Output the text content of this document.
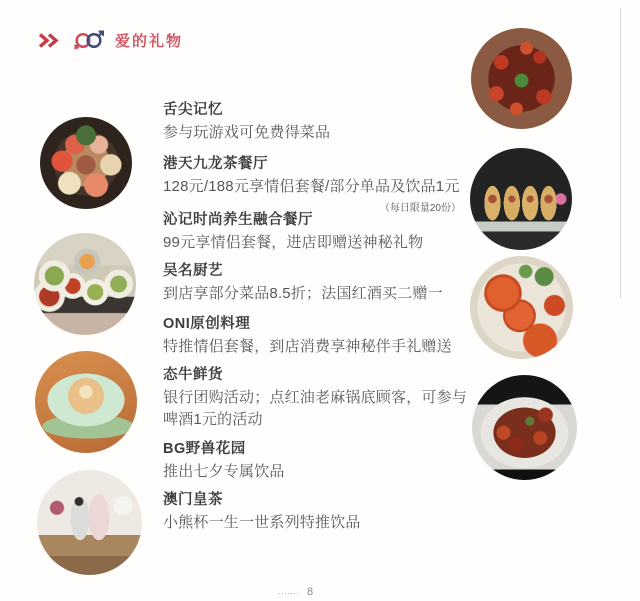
爱的礼物
舌尖记忆
参与玩游戏可免费得菜品
港天九龙茶餐厅
128元/188元享情侣套餐/部分单品及饮品1元
（每日限量20份）
沁记时尚养生融合餐厅
99元享情侣套餐，进店即赠送神秘礼物
吴名厨艺
到店享部分菜品8.5折；法国红酒买二赠一
ONI原创料理
特推情侣套餐，到店消费享神秘伴手礼赠送
态牛鲜货
银行团购活动；点红油老麻锅底顾客，可参与啤酒1元的活动
BG野兽花园
推出七夕专属饮品
澳门皇茶
小熊杯一生一世系列特推饮品
······· 8
